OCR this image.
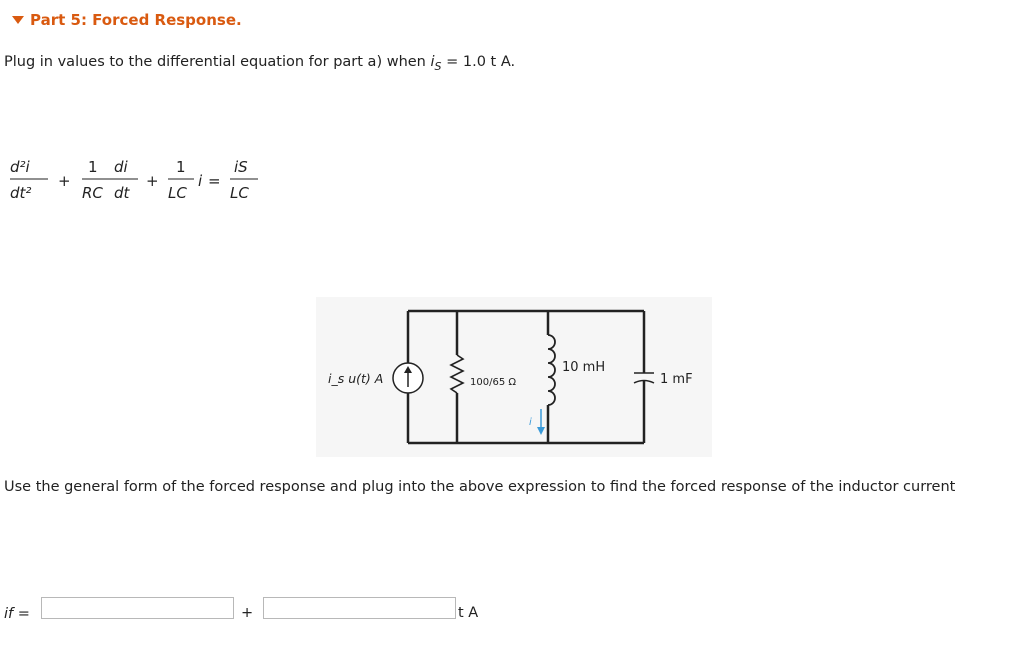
Part 5: Forced Response.
Plug in values to the differential equation for part a) when $i_S = 1.0$ t A.
d²i
dt²
+
1 di
RC dt
+
1
LC
i =
iS
LC
i_s u(t) A	100/65 Ω
10 mH
1 mF
i
Use the general form of the forced response and plug into the above expression to find the forced response of the inductor current
if =	+	t A
